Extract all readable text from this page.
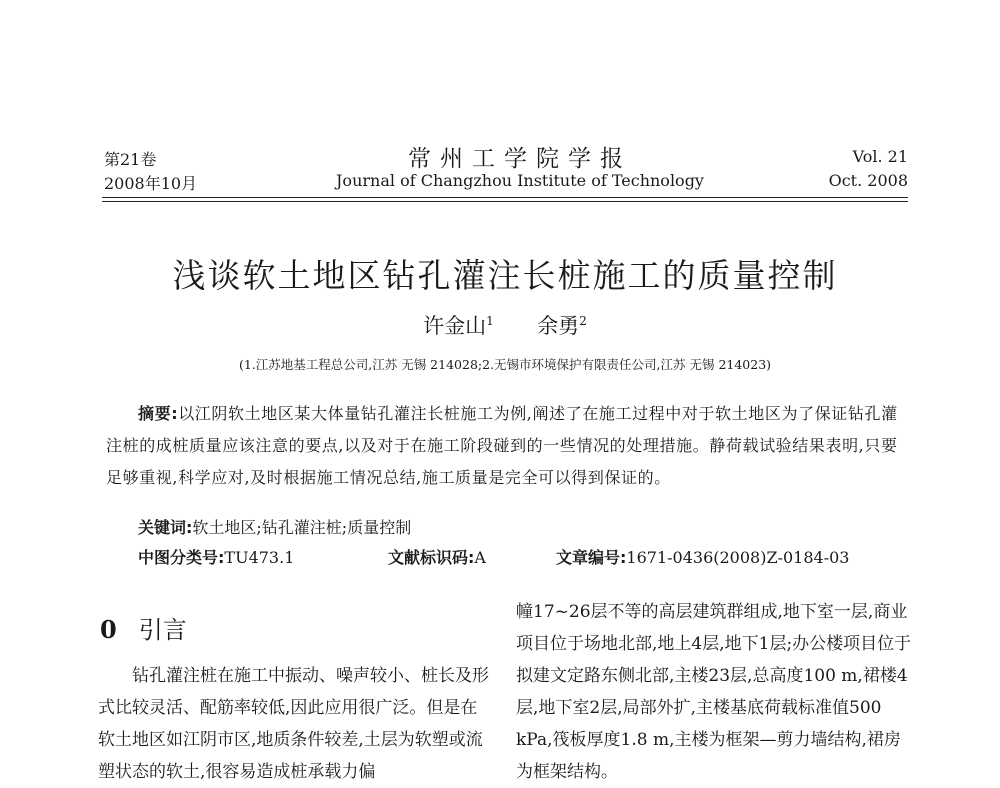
第21卷
2008年10月
常州工学院学报
Journal of Changzhou Institute of Technology
Vol. 21
Oct. 2008
浅谈软土地区钻孔灌注长桩施工的质量控制
许金山$^1$ 余勇$^2$
(1.江苏地基工程总公司,江苏 无锡 214028;2.无锡市环境保护有限责任公司,江苏 无锡 214023)

摘要:以江阴软土地区某大体量钻孔灌注长桩施工为例,阐述了在施工过程中对于软土地区为了保证钻孔灌注桩的成桩质量应该注意的要点,以及对于在施工阶段碰到的一些情况的处理措施。静荷载试验结果表明,只要足够重视,科学应对,及时根据施工情况总结,施工质量是完全可以得到保证的。

关键词:软土地区;钻孔灌注桩;质量控制
中图分类号:TU473.1	文献标识码:A	文章编号:1671-0436(2008)Z-0184-03
0 引言

钻孔灌注桩在施工中振动、噪声较小、桩长及形式比较灵活、配筋率较低,因此应用很广泛。但是在软土地区如江阴市区,地质条件较差,土层为软塑或流塑状态的软土,很容易造成桩承载力偏

幢17~26层不等的高层建筑群组成,地下室一层,商业项目位于场地北部,地上4层,地下1层;办公楼项目位于拟建文定路东侧北部,主楼23层,总高度100 m,裙楼4层,地下室2层,局部外扩,主楼基底荷载标准值500 kPa,筏板厚度1.8 m,主楼为框架—剪力墙结构,裙房为框架结构。
